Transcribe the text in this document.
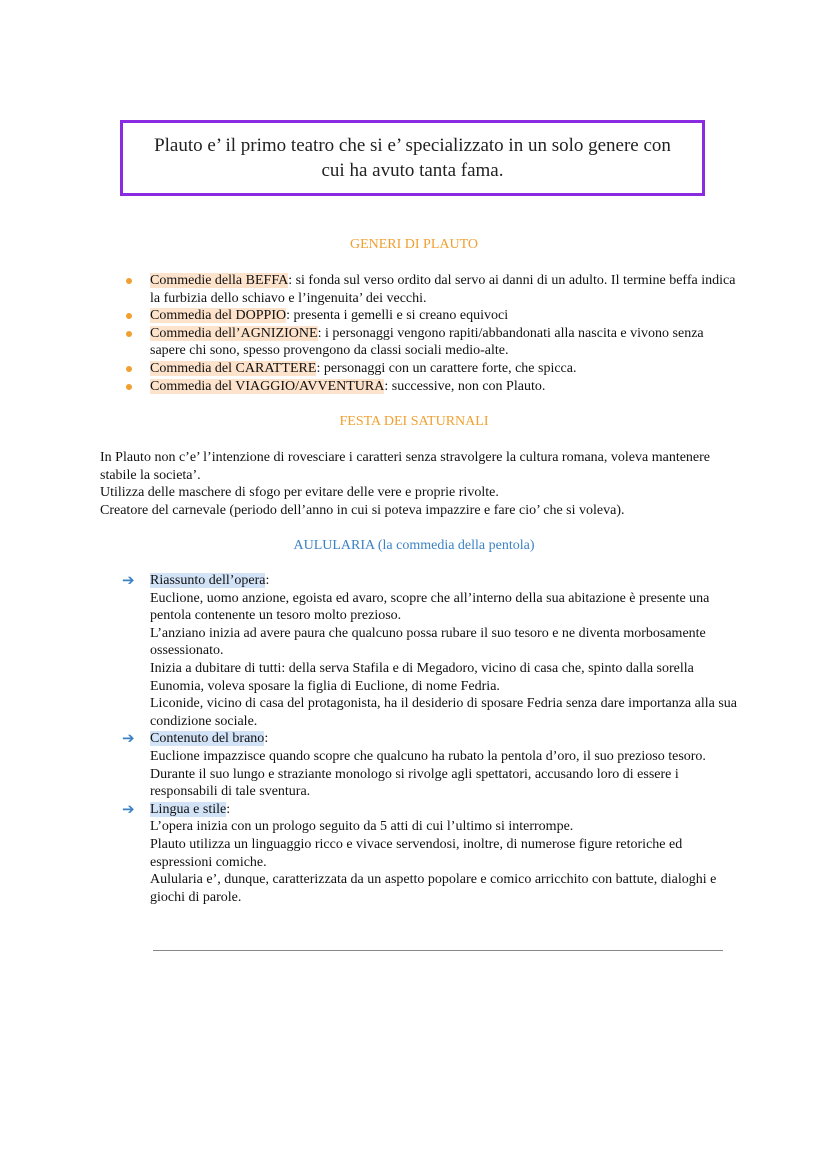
Plauto e’ il primo teatro che si e’ specializzato in un solo genere con
cui ha avuto tanta fama.
GENERI DI PLAUTO
Commedie della BEFFA: si fonda sul verso ordito dal servo ai danni di un adulto. Il termine beffa indica la furbizia dello schiavo e l’ingenuita’ dei vecchi.
Commedia del DOPPIO: presenta i gemelli e si creano equivoci
Commedia dell’AGNIZIONE: i personaggi vengono rapiti/abbandonati alla nascita e vivono senza sapere chi sono, spesso provengono da classi sociali medio-alte.
Commedia del CARATTERE: personaggi con un carattere forte, che spicca.
Commedia del VIAGGIO/AVVENTURA: successive, non con Plauto.
FESTA DEI SATURNALI

In Plauto non c’e’ l’intenzione di rovesciare i caratteri senza stravolgere la cultura romana, voleva mantenere stabile la societa’.

Utilizza delle maschere di sfogo per evitare delle vere e proprie rivolte.

Creatore del carnevale (periodo dell’anno in cui si poteva impazzire e fare cio’ che si voleva).

AULULARIA (la commedia della pentola)
➔ Riassunto dell’opera:

Euclione, uomo anzione, egoista ed avaro, scopre che all’interno della sua abitazione è presente una pentola contenente un tesoro molto prezioso.

L’anziano inizia ad avere paura che qualcuno possa rubare il suo tesoro e ne diventa morbosamente ossessionato.

Inizia a dubitare di tutti: della serva Stafila e di Megadoro, vicino di casa che, spinto dalla sorella Eunomia, voleva sposare la figlia di Euclione, di nome Fedria.

Liconide, vicino di casa del protagonista, ha il desiderio di sposare Fedria senza dare importanza alla sua condizione sociale.

➔ Contenuto del brano:

Euclione impazzisce quando scopre che qualcuno ha rubato la pentola d’oro, il suo prezioso tesoro.

Durante il suo lungo e straziante monologo si rivolge agli spettatori, accusando loro di essere i responsabili di tale sventura.

➔ Lingua e stile:

L’opera inizia con un prologo seguito da 5 atti di cui l’ultimo si interrompe.

Plauto utilizza un linguaggio ricco e vivace servendosi, inoltre, di numerose figure retoriche ed espressioni comiche.

Aulularia e’, dunque, caratterizzata da un aspetto popolare e comico arricchito con battute, dialoghi e giochi di parole.
